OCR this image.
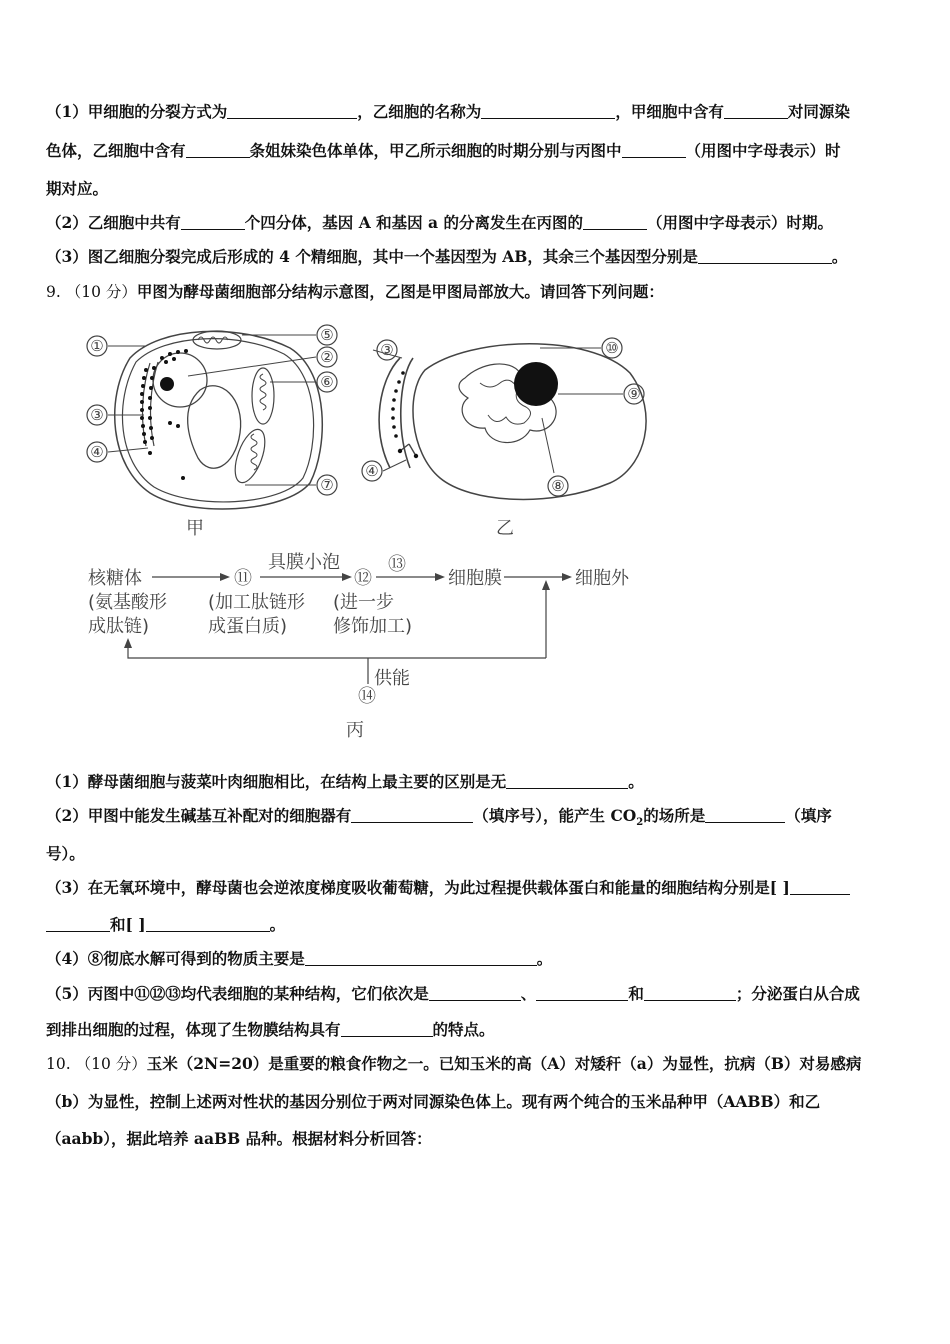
（1）甲细胞的分裂方式为	，乙细胞的名称为	，甲细胞中含有	对同源染
色体，乙细胞中含有	条姐妹染色体单体，甲乙所示细胞的时期分别与丙图中	（用图中字母表示）时
期对应。
（2）乙细胞中共有	个四分体，基因 A 和基因 a 的分离发生在丙图的	（用图中字母表示）时期。
（3）图乙细胞分裂完成后形成的 4 个精细胞，其中一个基因型为 AB，其余三个基因型分别是	。
9. （10 分）甲图为酵母菌细胞部分结构示意图，乙图是甲图局部放大。请回答下列问题：
①
③
④
⑤
②
⑥
⑦
甲
③
④
⑧
⑨
⑩
乙
核糖体
(氨基酸形
成肽链)
⑪
(加工肽链形
成蛋白质)
具膜小泡
⑫
(进一步
修饰加工)
⑬
细胞膜	细胞外
供能
⑭
丙
（1）酵母菌细胞与菠菜叶肉细胞相比，在结构上最主要的区别是无	。
（2）甲图中能发生碱基互补配对的细胞器有	（填序号），能产生 $CO_2$的场所是	（填序
号）。
（3）在无氧环境中，酵母菌也会逆浓度梯度吸收葡萄糖，为此过程提供载体蛋白和能量的细胞结构分别是[ ]
和[ ]	。
（4）⑧彻底水解可得到的物质主要是	。
（5）丙图中⑪⑫⑬均代表细胞的某种结构，它们依次是	、	和	；分泌蛋白从合成
到排出细胞的过程，体现了生物膜结构具有	的特点。
10. （10 分）玉米（2N=20）是重要的粮食作物之一。已知玉米的高（A）对矮秆（a）为显性，抗病（B）对易感病
（b）为显性，控制上述两对性状的基因分别位于两对同源染色体上。现有两个纯合的玉米品种甲（AABB）和乙
（aabb），据此培养 aaBB 品种。根据材料分析回答：
